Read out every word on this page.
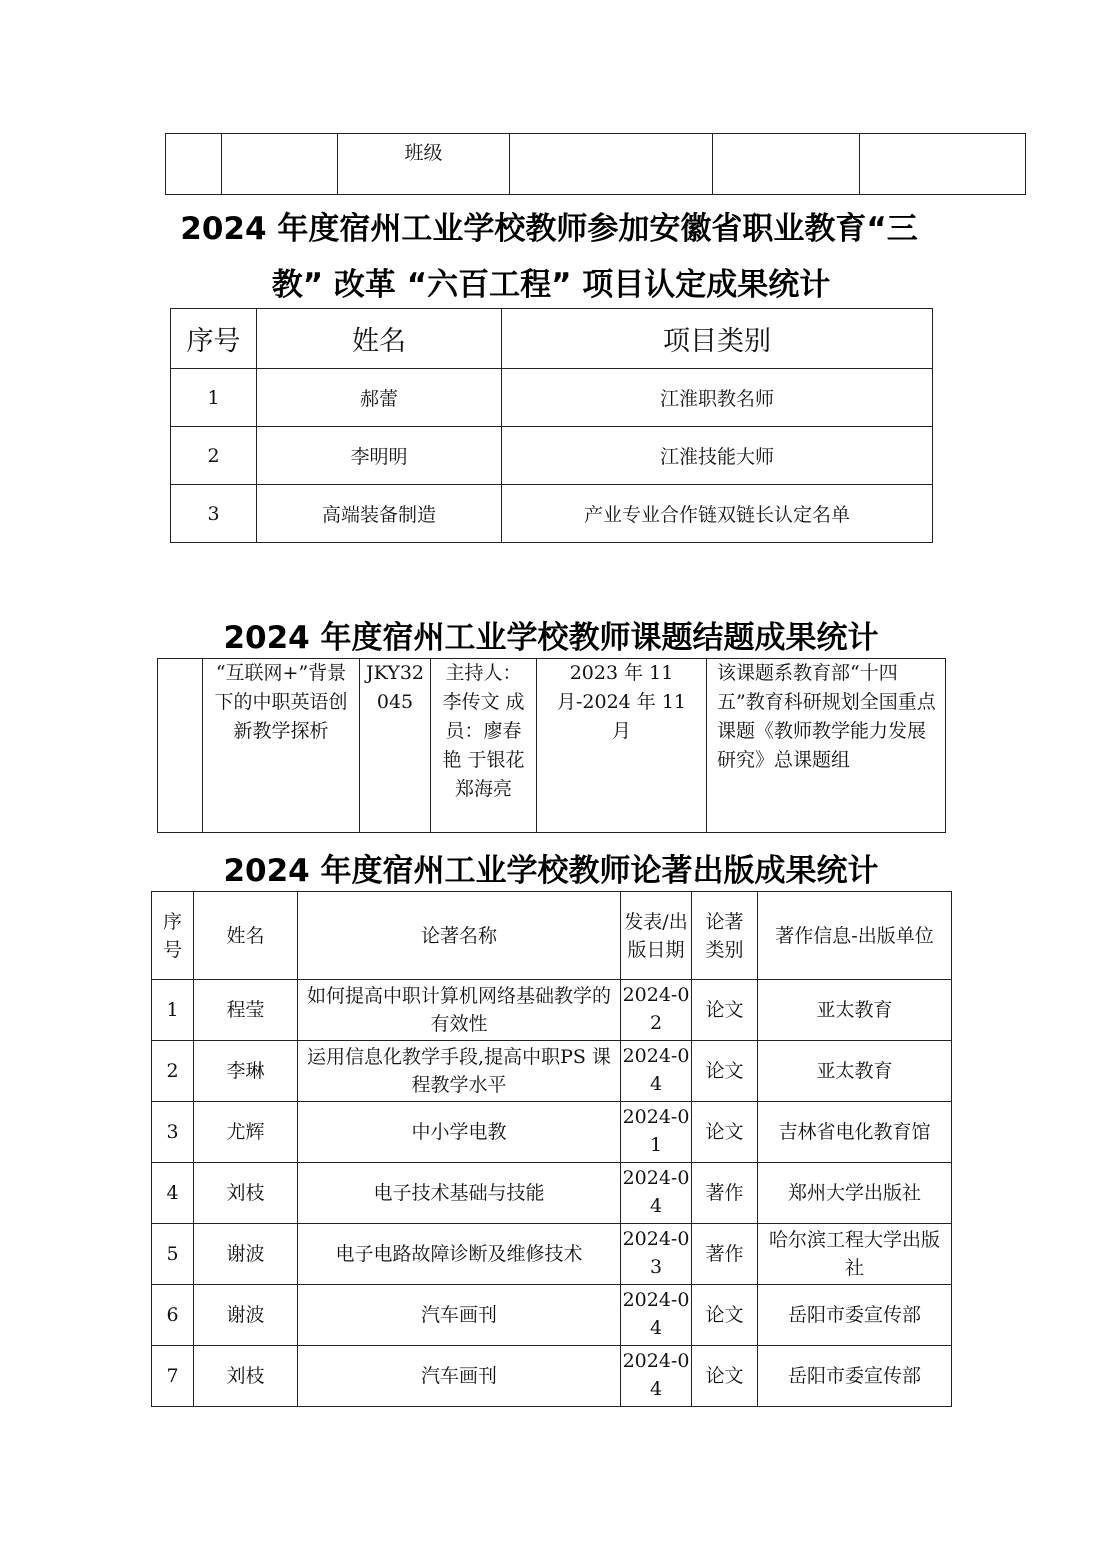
		班级			
2024 年度宿州工业学校教师参加安徽省职业教育“三
教” 改革 “六百工程” 项目认定成果统计
序号	姓名	项目类别
1	郝蕾	江淮职教名师
2	李明明	江淮技能大师
3	高端装备制造	产业专业合作链双链长认定名单
2024 年度宿州工业学校教师课题结题成果统计
	“互联网+”背景下的中职英语创新教学探析	JKY32045	主持人：李传文 成员：廖春艳 于银花 郑海亮	2023 年 11 月-2024 年 11 月	该课题系教育部“十四五”教育科研规划全国重点课题《教师教学能力发展研究》总课题组
2024 年度宿州工业学校教师论著出版成果统计
序号	姓名	论著名称	发表/出版日期	论著类别	著作信息-出版单位
1	程莹	如何提高中职计算机网络基础教学的有效性	2024-02	论文	亚太教育
2	李琳	运用信息化教学手段,提高中职PS 课程教学水平	2024-04	论文	亚太教育
3	尤辉	中小学电教	2024-01	论文	吉林省电化教育馆
4	刘枝	电子技术基础与技能	2024-04	著作	郑州大学出版社
5	谢波	电子电路故障诊断及维修技术	2024-03	著作	哈尔滨工程大学出版社
6	谢波	汽车画刊	2024-04	论文	岳阳市委宣传部
7	刘枝	汽车画刊	2024-04	论文	岳阳市委宣传部
